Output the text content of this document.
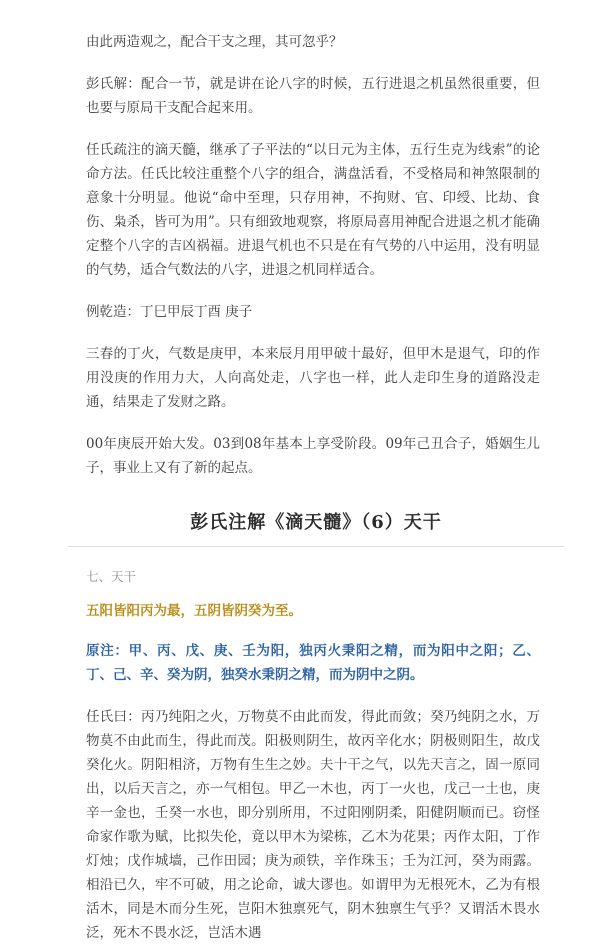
由此两造观之，配合干支之理，其可忽乎？

彭氏解：配合一节，就是讲在论八字的时候，五行进退之机虽然很重要，但也要与原局干支配合起来用。

任氏疏注的滴天髓，继承了子平法的“以日元为主体，五行生克为线索”的论命方法。任氏比较注重整个八字的组合，满盘活看，不受格局和神煞限制的意象十分明显。他说“命中至理，只存用神，不拘财、官、印绶、比劫、食伤、枭杀，皆可为用”。只有细致地观察，将原局喜用神配合进退之机才能确定整个八字的吉凶祸福。进退气机也不只是在有气势的八中运用，没有明显的气势，适合气数法的八字，进退之机同样适合。

例乾造：丁巳甲辰丁酉 庚子

三春的丁火，气数是庚甲，本来辰月用甲破十最好，但甲木是退气，印的作用没庚的作用力大，人向高处走，八字也一样，此人走印生身的道路没走通，结果走了发财之路。

00年庚辰开始大发。03到08年基本上享受阶段。09年己丑合子，婚姻生儿子，事业上又有了新的起点。

彭氏注解《滴天髓》（6）天干

七、天干

五阳皆阳丙为最，五阴皆阴癸为至。

原注：甲、丙、戊、庚、壬为阳，独丙火秉阳之精，而为阳中之阳；乙、丁、己、辛、癸为阴，独癸水秉阴之精，而为阴中之阴。

任氏曰：丙乃纯阳之火，万物莫不由此而发，得此而敛；癸乃纯阴之水，万物莫不由此而生，得此而茂。阳极则阴生，故丙辛化水；阴极则阳生，故戊癸化火。阴阳相济，万物有生生之妙。夫十干之气，以先天言之，固一原同出，以后天言之，亦一气相包。甲乙一木也，丙丁一火也，戊己一土也，庚辛一金也，壬癸一水也，即分别所用，不过阳刚阴柔，阳健阴顺而已。窃怪命家作歌为赋，比拟失伦，竟以甲木为梁栋，乙木为花果；丙作太阳，丁作灯烛；戊作城墙，己作田园；庚为顽铁，辛作珠玉；壬为江河，癸为雨露。相沿已久，牢不可破，用之论命，诚大谬也。如谓甲为无根死木，乙为有根活木，同是木而分生死，岂阳木独禀死气，阴木独禀生气乎？又谓活木畏水泛，死木不畏水泛，岂活木遇
